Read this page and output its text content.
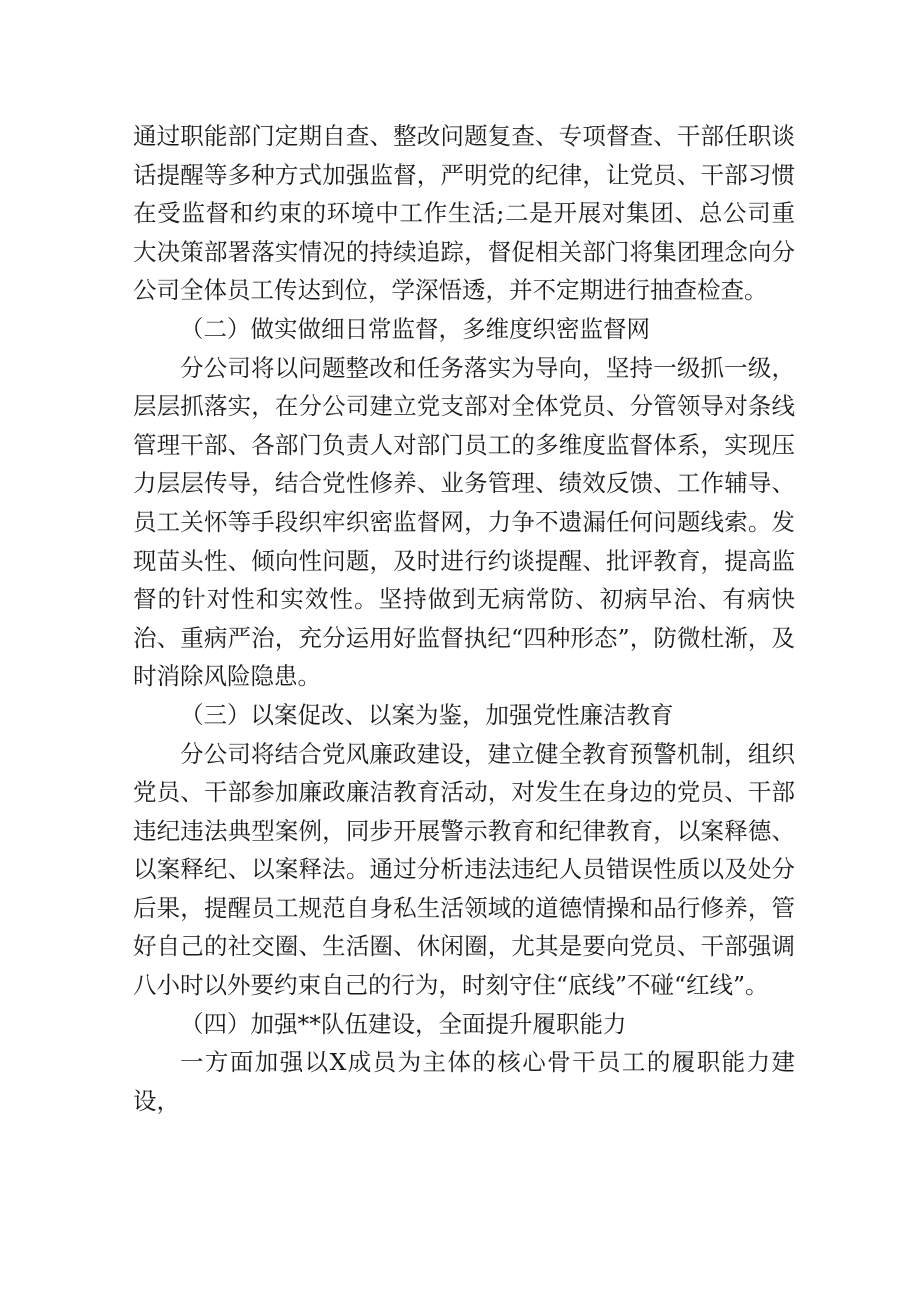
通过职能部门定期自查、整改问题复查、专项督查、干部任职谈话提醒等多种方式加强监督，严明党的纪律，让党员、干部习惯在受监督和约束的环境中工作生活;二是开展对集团、总公司重大决策部署落实情况的持续追踪，督促相关部门将集团理念向分公司全体员工传达到位，学深悟透，并不定期进行抽查检查。

（二）做实做细日常监督，多维度织密监督网

分公司将以问题整改和任务落实为导向，坚持一级抓一级，层层抓落实，在分公司建立党支部对全体党员、分管领导对条线管理干部、各部门负责人对部门员工的多维度监督体系，实现压力层层传导，结合党性修养、业务管理、绩效反馈、工作辅导、员工关怀等手段织牢织密监督网，力争不遗漏任何问题线索。发现苗头性、倾向性问题，及时进行约谈提醒、批评教育，提高监督的针对性和实效性。坚持做到无病常防、初病早治、有病快治、重病严治，充分运用好监督执纪“四种形态”，防微杜渐，及时消除风险隐患。

（三）以案促改、以案为鉴，加强党性廉洁教育

分公司将结合党风廉政建设，建立健全教育预警机制，组织党员、干部参加廉政廉洁教育活动，对发生在身边的党员、干部违纪违法典型案例，同步开展警示教育和纪律教育，以案释德、以案释纪、以案释法。通过分析违法违纪人员错误性质以及处分后果，提醒员工规范自身私生活领域的道德情操和品行修养，管好自己的社交圈、生活圈、休闲圈，尤其是要向党员、干部强调八小时以外要约束自己的行为，时刻守住“底线”不碰“红线”。

（四）加强**队伍建设，全面提升履职能力

一方面加强以X成员为主体的核心骨干员工的履职能力建设，
